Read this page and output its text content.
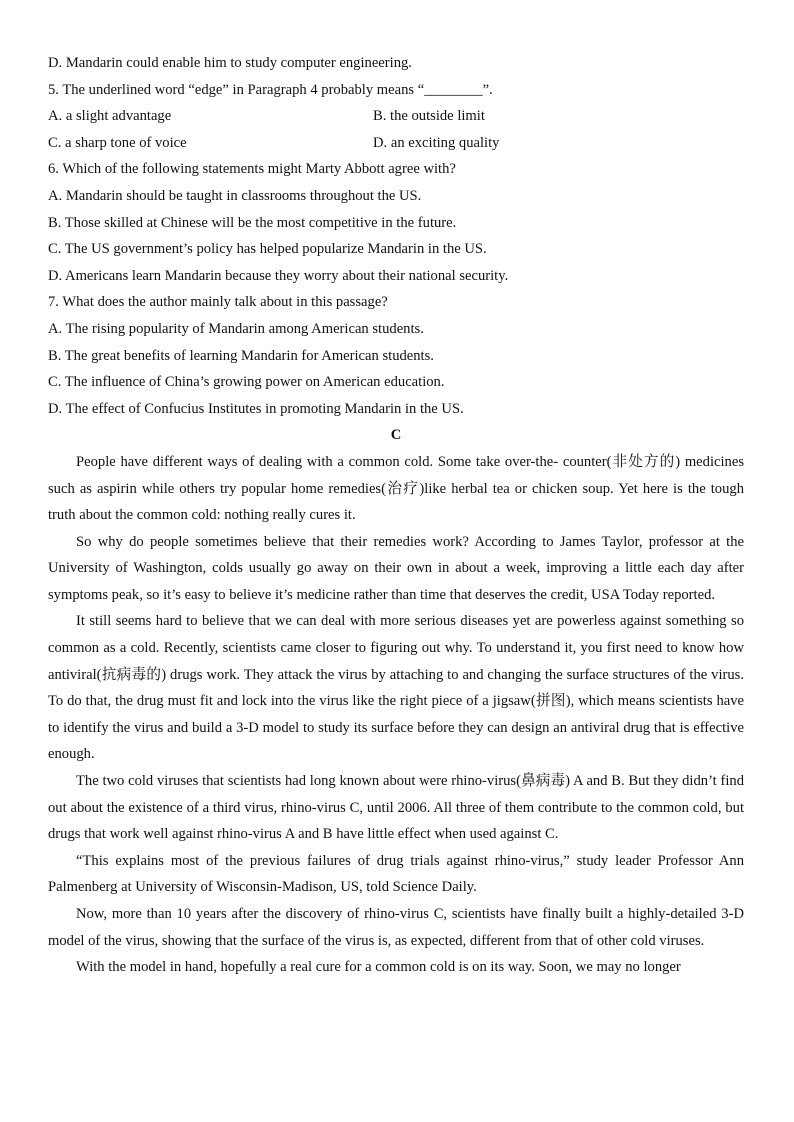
D. Mandarin could enable him to study computer engineering.
5. The underlined word “edge” in Paragraph 4 probably means “________”.
A. a slight advantage	B. the outside limit
C. a sharp tone of voice	D. an exciting quality
6. Which of the following statements might Marty Abbott agree with?
A. Mandarin should be taught in classrooms throughout the US.
B. Those skilled at Chinese will be the most competitive in the future.
C. The US government’s policy has helped popularize Mandarin in the US.
D. Americans learn Mandarin because they worry about their national security.
7. What does the author mainly talk about in this passage?
A. The rising popularity of Mandarin among American students.
B. The great benefits of learning Mandarin for American students.
C. The influence of China’s growing power on American education.
D. The effect of Confucius Institutes in promoting Mandarin in the US.
C

People have different ways of dealing with a common cold. Some take over-the- counter(非处方的) medicines such as aspirin while others try popular home remedies(治疗)like herbal tea or chicken soup. Yet here is the tough truth about the common cold: nothing really cures it.

So why do people sometimes believe that their remedies work? According to James Taylor, professor at the University of Washington, colds usually go away on their own in about a week, improving a little each day after symptoms peak, so it’s easy to believe it’s medicine rather than time that deserves the credit, USA Today reported.

It still seems hard to believe that we can deal with more serious diseases yet are powerless against something so common as a cold. Recently, scientists came closer to figuring out why. To understand it, you first need to know how antiviral(抗病毒的) drugs work. They attack the virus by attaching to and changing the surface structures of the virus. To do that, the drug must fit and lock into the virus like the right piece of a jigsaw(拼图), which means scientists have to identify the virus and build a 3-D model to study its surface before they can design an antiviral drug that is effective enough.

The two cold viruses that scientists had long known about were rhino-virus(鼻病毒) A and B. But they didn’t find out about the existence of a third virus, rhino-virus C, until 2006. All three of them contribute to the common cold, but drugs that work well against rhino-virus A and B have little effect when used against C.

“This explains most of the previous failures of drug trials against rhino-virus,” study leader Professor Ann Palmenberg at University of Wisconsin-Madison, US, told Science Daily.

Now, more than 10 years after the discovery of rhino-virus C, scientists have finally built a highly-detailed 3-D model of the virus, showing that the surface of the virus is, as expected, different from that of other cold viruses.

With the model in hand, hopefully a real cure for a common cold is on its way. Soon, we may no longer
